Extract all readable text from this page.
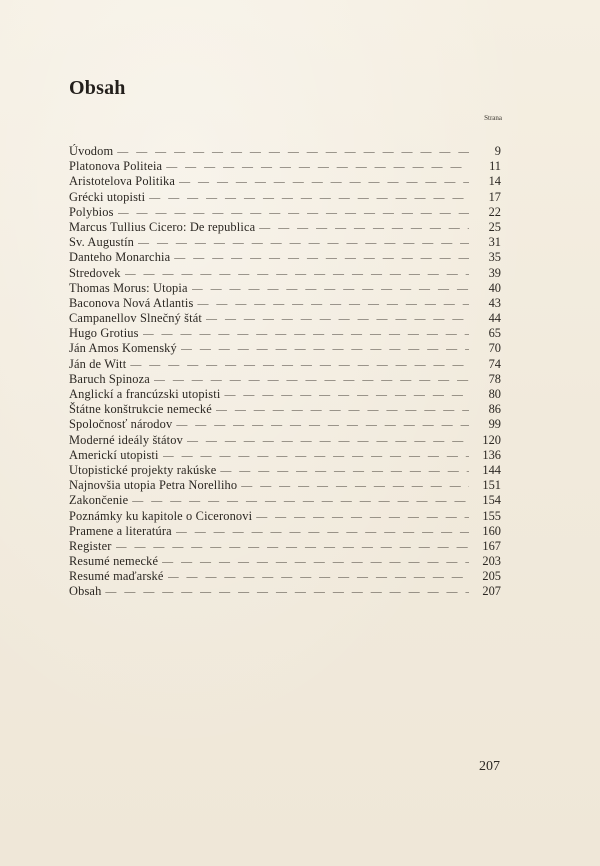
Obsah
Strana
Úvodom — — —	9
Platonova Politeia — — —	11
Aristotelova Politika — — —	14
Grécki utopisti — — —	17
Polybios — — —	22
Marcus Tullius Cicero: De republica — — —	25
Sv. Augustín — — —	31
Danteho Monarchia — — —	35
Stredovek — — —	39
Thomas Morus: Utopia — — —	40
Baconova Nová Atlantis — — —	43
Campanellov Slnečný štát — — —	44
Hugo Grotius — — —	65
Ján Amos Komenský — — —	70
Ján de Witt — — —	74
Baruch Spinoza — — —	78
Anglickí a francúzski utopisti — — —	80
Štátne konštrukcie nemecké — — —	86
Spoločnosť národov — — —	99
Moderné ideály štátov — — —	120
Americkí utopisti — — —	136
Utopistické projekty rakúske — — —	144
Najnovšia utopia Petra Norelliho — — —	151
Zakončenie — — —	154
Poznámky ku kapitole o Ciceronovi — — —	155
Pramene a literatúra — — —	160
Register — — —	167
Resumé nemecké — — —	203
Resumé maďarské — — —	205
Obsah — — —	207
207
